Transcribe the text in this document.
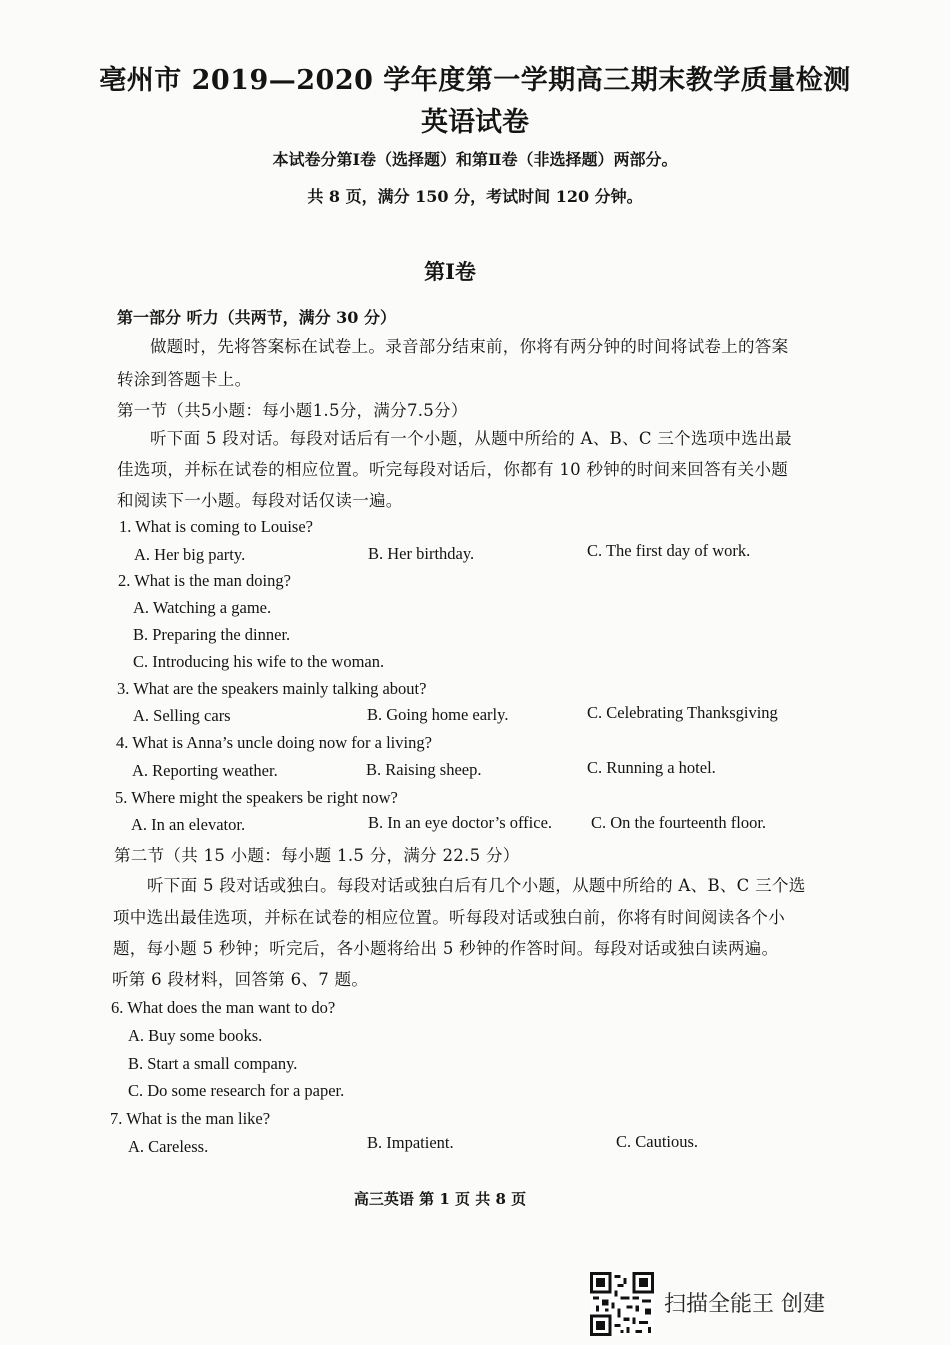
亳州市 2019—2020 学年度第一学期高三期末教学质量检测
英语试卷
本试卷分第Ⅰ卷（选择题）和第Ⅱ卷（非选择题）两部分。
共 8 页，满分 150 分，考试时间 120 分钟。
第Ⅰ卷
第一部分 听力（共两节，满分 30 分）
做题时，先将答案标在试卷上。录音部分结束前，你将有两分钟的时间将试卷上的答案
转涂到答题卡上。
第一节（共5小题：每小题1.5分，满分7.5分）
听下面 5 段对话。每段对话后有一个小题，从题中所给的 A、B、C 三个选项中选出最
佳选项，并标在试卷的相应位置。听完每段对话后，你都有 10 秒钟的时间来回答有关小题
和阅读下一小题。每段对话仅读一遍。
1. What is coming to Louise?
A. Her big party.	B. Her birthday.	C. The first day of work.
2. What is the man doing?
A. Watching a game.
B. Preparing the dinner.
C. Introducing his wife to the woman.
3. What are the speakers mainly talking about?
A. Selling cars	B. Going home early.	C. Celebrating Thanksgiving
4. What is Anna’s uncle doing now for a living?
A. Reporting weather.	B. Raising sheep.	C. Running a hotel.
5. Where might the speakers be right now?
A. In an elevator.	B. In an eye doctor’s office. C. On the fourteenth floor.
第二节（共 15 小题：每小题 1.5 分，满分 22.5 分）
听下面 5 段对话或独白。每段对话或独白后有几个小题，从题中所给的 A、B、C 三个选
项中选出最佳选项，并标在试卷的相应位置。听每段对话或独白前，你将有时间阅读各个小
题，每小题 5 秒钟；听完后，各小题将给出 5 秒钟的作答时间。每段对话或独白读两遍。
听第 6 段材料，回答第 6、7 题。
6. What does the man want to do?
A. Buy some books.
B. Start a small company.
C. Do some research for a paper.
7. What is the man like?
A. Careless.	B. Impatient.	C. Cautious.
高三英语 第 1 页 共 8 页
扫描全能王 创建
